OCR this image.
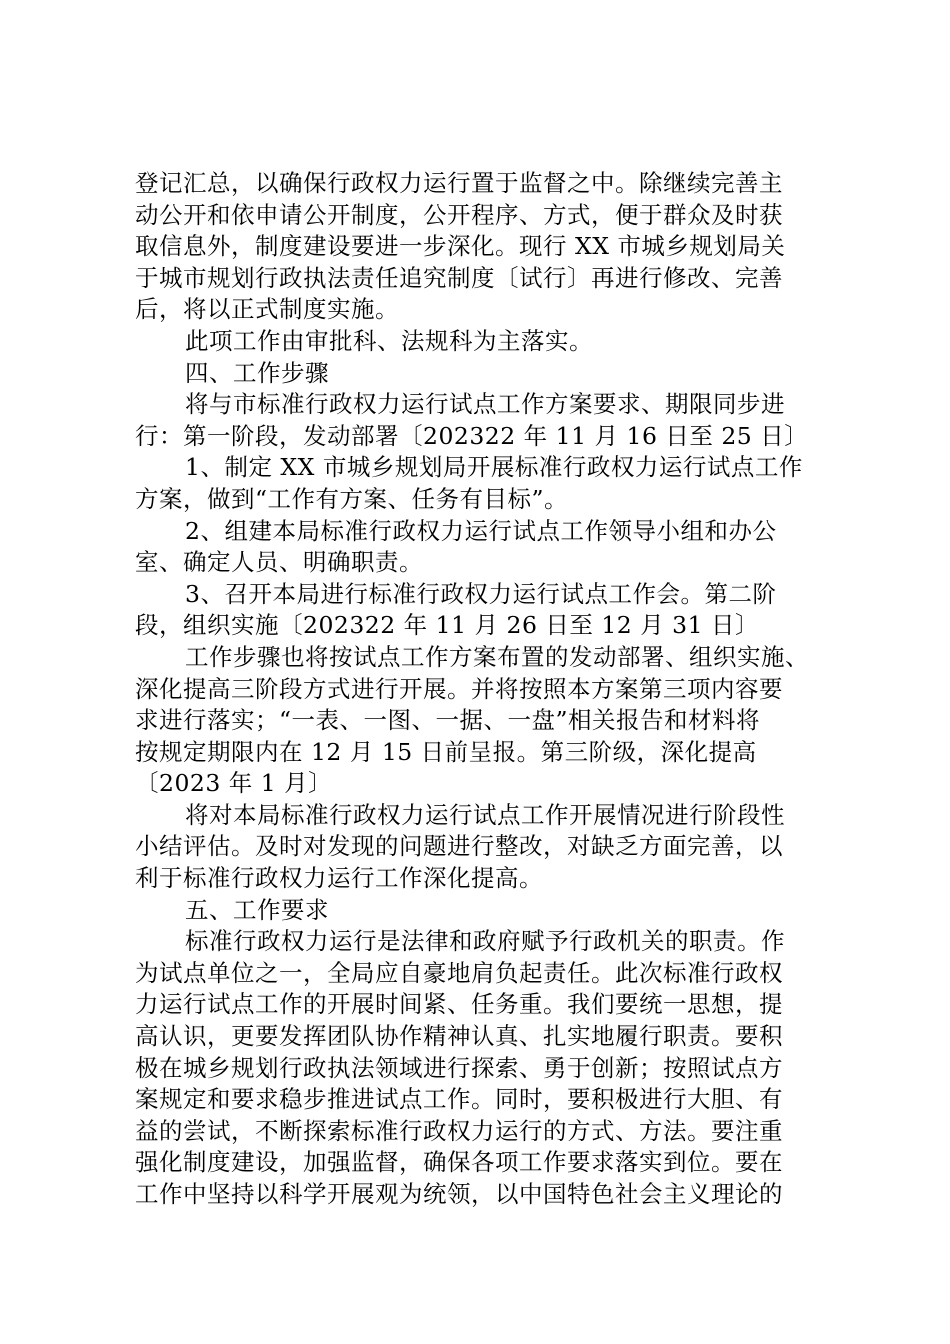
登记汇总，以确保行政权力运行置于监督之中。除继续完善主
动公开和依申请公开制度，公开程序、方式，便于群众及时获
取信息外，制度建设要进一步深化。现行 XX 市城乡规划局关
于城市规划行政执法责任追究制度〔试行〕再进行修改、完善
后，将以正式制度实施。
此项工作由审批科、法规科为主落实。
四、工作步骤
将与市标准行政权力运行试点工作方案要求、期限同步进
行：第一阶段，发动部署〔202322 年 11 月 16 日至 25 日〕
1、制定 XX 市城乡规划局开展标准行政权力运行试点工作
方案，做到“工作有方案、任务有目标”。
2、组建本局标准行政权力运行试点工作领导小组和办公
室、确定人员、明确职责。
3、召开本局进行标准行政权力运行试点工作会。第二阶
段，组织实施〔202322 年 11 月 26 日至 12 月 31 日〕
工作步骤也将按试点工作方案布置的发动部署、组织实施、
深化提高三阶段方式进行开展。并将按照本方案第三项内容要
求进行落实；“一表、一图、一据、一盘”相关报告和材料将
按规定期限内在 12 月 15 日前呈报。第三阶级，深化提高
〔2023 年 1 月〕
将对本局标准行政权力运行试点工作开展情况进行阶段性
小结评估。及时对发现的问题进行整改，对缺乏方面完善，以
利于标准行政权力运行工作深化提高。
五、工作要求
标准行政权力运行是法律和政府赋予行政机关的职责。作
为试点单位之一，全局应自豪地肩负起责任。此次标准行政权
力运行试点工作的开展时间紧、任务重。我们要统一思想，提
高认识，更要发挥团队协作精神认真、扎实地履行职责。要积
极在城乡规划行政执法领域进行探索、勇于创新；按照试点方
案规定和要求稳步推进试点工作。同时，要积极进行大胆、有
益的尝试，不断探索标准行政权力运行的方式、方法。要注重
强化制度建设，加强监督，确保各项工作要求落实到位。要在
工作中坚持以科学开展观为统领，以中国特色社会主义理论的
